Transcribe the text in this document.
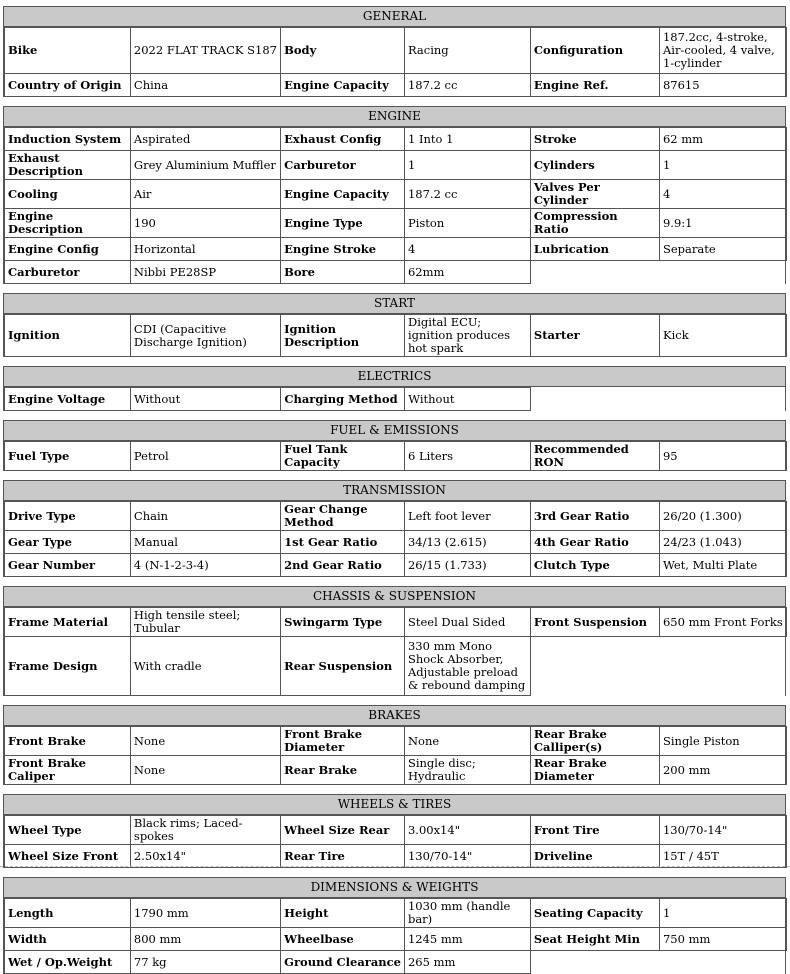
GENERAL
Bike	2022 FLAT TRACK S187	Body	Racing	Configuration	187.2cc, 4-stroke, Air-cooled, 4 valve, 1-cylinder
Country of Origin	China	Engine Capacity	187.2 cc	Engine Ref.	87615
ENGINE
Induction System	Aspirated	Exhaust Config	1 Into 1	Stroke	62 mm
Exhaust Description	Grey Aluminium Muffler	Carburetor	1	Cylinders	1
Cooling	Air	Engine Capacity	187.2 cc	Valves Per Cylinder	4
Engine Description	190	Engine Type	Piston	Compression Ratio	9.9:1
Engine Config	Horizontal	Engine Stroke	4	Lubrication	Separate
Carburetor	Nibbi PE28SP	Bore	62mm		
START
Ignition	CDI (Capacitive Discharge Ignition)	Ignition Description	Digital ECU; ignition produces hot spark	Starter	Kick
ELECTRICS
Engine Voltage	Without	Charging Method	Without		
FUEL & EMISSIONS
Fuel Type	Petrol	Fuel Tank Capacity	6 Liters	Recommended RON	95
TRANSMISSION
Drive Type	Chain	Gear Change Method	Left foot lever	3rd Gear Ratio	26/20 (1.300)
Gear Type	Manual	1st Gear Ratio	34/13 (2.615)	4th Gear Ratio	24/23 (1.043)
Gear Number	4 (N-1-2-3-4)	2nd Gear Ratio	26/15 (1.733)	Clutch Type	Wet, Multi Plate
CHASSIS & SUSPENSION
Frame Material	High tensile steel; Tubular	Swingarm Type	Steel Dual Sided	Front Suspension	650 mm Front Forks
Frame Design	With cradle	Rear Suspension	330 mm Mono Shock Absorber, Adjustable preload & rebound damping		
BRAKES
Front Brake	None	Front Brake Diameter	None	Rear Brake Calliper(s)	Single Piston
Front Brake Caliper	None	Rear Brake	Single disc; Hydraulic	Rear Brake Diameter	200 mm
WHEELS & TIRES
Wheel Type	Black rims; Laced-spokes	Wheel Size Rear	3.00x14"	Front Tire	130/70-14"
Wheel Size Front	2.50x14"	Rear Tire	130/70-14"	Driveline	15T / 45T
DIMENSIONS & WEIGHTS
Length	1790 mm	Height	1030 mm (handle bar)	Seating Capacity	1
Width	800 mm	Wheelbase	1245 mm	Seat Height Min	750 mm
Wet / Op.Weight	77 kg	Ground Clearance	265 mm		
